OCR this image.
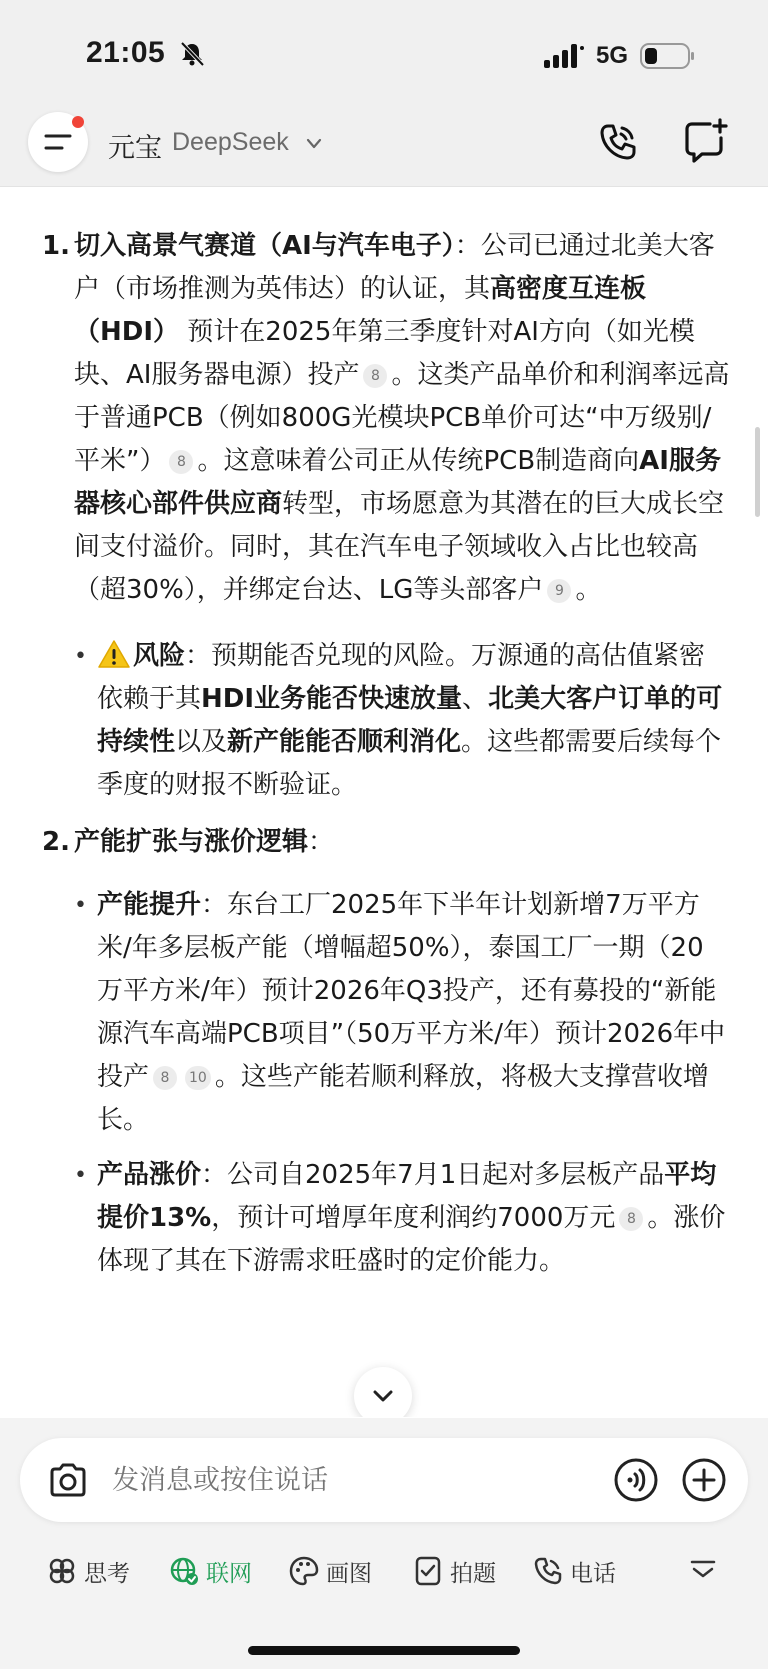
21:05	5G
元宝 DeepSeek
1. 切入高景气赛道（AI与汽车电子）：公司已通过北美大客户（市场推测为英伟达）的认证，其高密度互连板（HDI） 预计在2025年第三季度针对AI方向（如光模块、AI服务器电源）投产 8 。这类产品单价和利润率远高于普通PCB（例如800G光模块PCB单价可达“中万级别/平米”） 8 。这意味着公司正从传统PCB制造商向AI服务器核心部件供应商转型，市场愿意为其潜在的巨大成长空间支付溢价。同时，其在汽车电子领域收入占比也较高（超30%），并绑定台达、LG等头部客户 9 。

•	风险：预期能否兑现的风险。万源通的高估值紧密依赖于其HDI业务能否快速放量、北美大客户订单的可持续性以及新产能能否顺利消化。这些都需要后续每个季度的财报不断验证。

2. 产能扩张与涨价逻辑：

• 产能提升：东台工厂2025年下半年计划新增7万平方米/年多层板产能（增幅超50%），泰国工厂一期（20万平方米/年）预计2026年Q3投产，还有募投的“新能源汽车高端PCB项目”（50万平方米/年）预计2026年中投产 8 10 。这些产能若顺利释放，将极大支撑营收增长。

• 产品涨价：公司自2025年7月1日起对多层板产品平均提价13%，预计可增厚年度利润约7000万元 8 。涨价体现了其在下游需求旺盛时的定价能力。

发消息或按住说话
思考	联网	画图	拍题	电话
